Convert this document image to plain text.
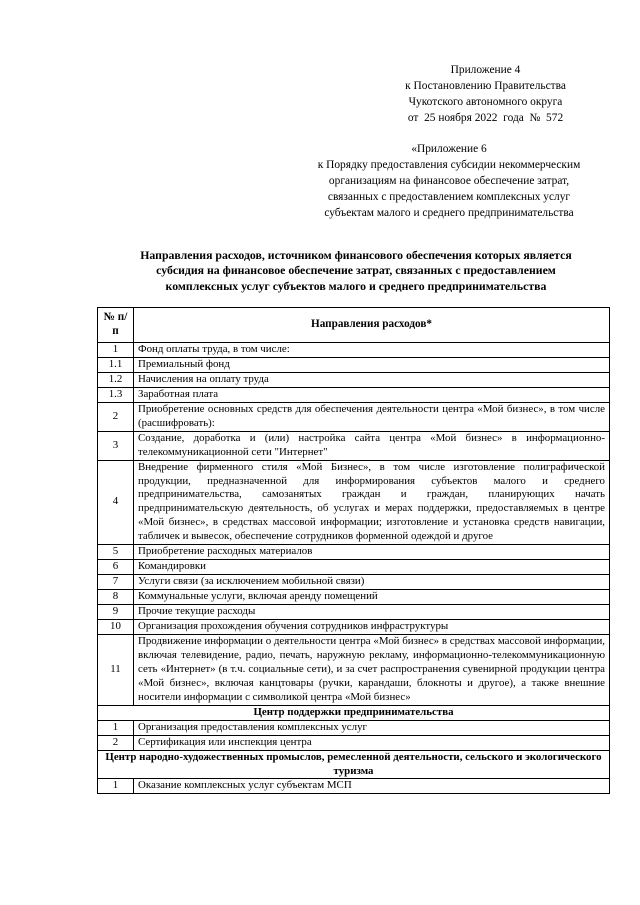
Приложение 4
к Постановлению Правительства
Чукотского автономного округа
от  25 ноября 2022  года  №  572
«Приложение 6
к Порядку предоставления субсидии некоммерческим
организациям на финансовое обеспечение затрат,
связанных с предоставлением комплексных услуг
субъектам малого и среднего предпринимательства
Направления расходов, источником финансового обеспечения которых является
субсидия на финансовое обеспечение затрат, связанных с предоставлением
комплексных услуг субъектов малого и среднего предпринимательства
№ п/п	Направления расходов*
1	Фонд оплаты труда, в том числе:
1.1	Премиальный фонд
1.2	Начисления на оплату труда
1.3	Заработная плата
2	Приобретение основных средств для обеспечения деятельности центра «Мой бизнес», в том числе (расшифровать):
3	Создание, доработка и (или) настройка сайта центра «Мой бизнес» в информационно-телекоммуникационной сети "Интернет"
4	Внедрение фирменного стиля «Мой Бизнес», в том числе изготовление полиграфической продукции, предназначенной для информирования субъектов малого и среднего предпринимательства, самозанятых граждан и граждан, планирующих начать предпринимательскую деятельность, об услугах и мерах поддержки, предоставляемых в центре «Мой бизнес», в средствах массовой информации; изготовление и установка средств навигации, табличек и вывесок, обеспечение сотрудников форменной одеждой и другое
5	Приобретение расходных материалов
6	Командировки
7	Услуги связи (за исключением мобильной связи)
8	Коммунальные услуги, включая аренду помещений
9	Прочие текущие расходы
10	Организация прохождения обучения сотрудников инфраструктуры
11	Продвижение информации о деятельности центра «Мой бизнес» в средствах массовой информации, включая телевидение, радио, печать, наружную рекламу, информационно-телекоммуникационную сеть «Интернет» (в т.ч. социальные сети), и за счет распространения сувенирной продукции центра «Мой бизнес», включая канцтовары (ручки, карандаши, блокноты и другое), а также внешние носители информации с символикой центра «Мой бизнес»
Центр поддержки предпринимательства	
1	Организация предоставления комплексных услуг
2	Сертификация или инспекция центра
Центр народно-художественных промыслов, ремесленной деятельности, сельского и экологического туризма	
1	Оказание комплексных услуг субъектам МСП
